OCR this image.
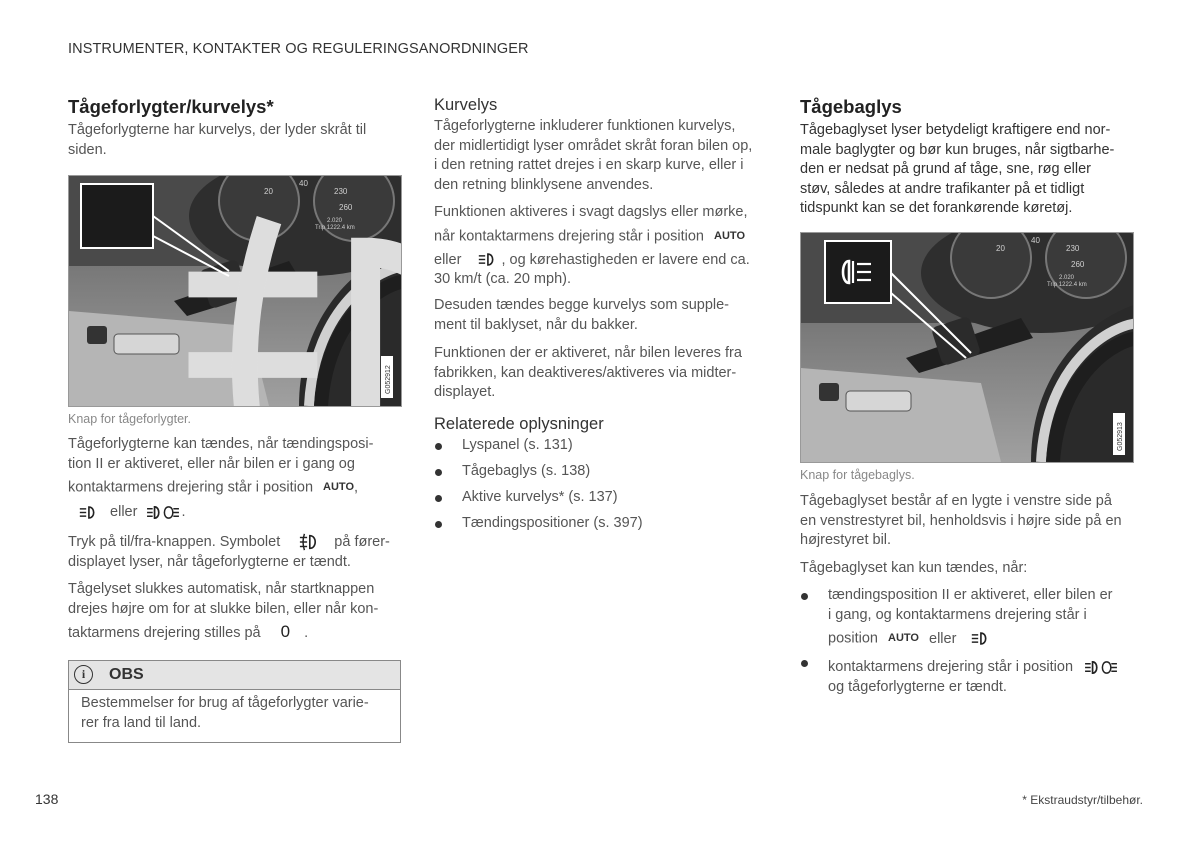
INSTRUMENTER, KONTAKTER OG REGULERINGSANORDNINGER
Tågeforlygter/kurvelys*
Tågeforlygterne har kurvelys, der lyder skråt til
siden.
20
40
230
260
2.020
Trip 1222.4 km
G052912
Knap for tågeforlygter.
Tågeforlygterne kan tændes, når tændingsposi-
tion II er aktiveret, eller når bilen er i gang og
kontaktarmens drejering står i position AUTO,
eller	.
Tryk på til/fra-knappen. Symbolet	på fører-
displayet lyser, når tågeforlygterne er tændt.
Tågelyset slukkes automatisk, når startknappen
drejes højre om for at slukke bilen, eller når kon-
taktarmens drejering stilles på 0 .
i	OBS
Bestemmelser for brug af tågeforlygter varie-
rer fra land til land.
Kurvelys
Tågeforlygterne inkluderer funktionen kurvelys,
der midlertidigt lyser området skråt foran bilen op,
i den retning rattet drejes i en skarp kurve, eller i
den retning blinklysene anvendes.
Funktionen aktiveres i svagt dagslys eller mørke,
når kontaktarmens drejering står i position AUTO
eller	, og kørehastigheden er lavere end ca.
30 km/t (ca. 20 mph).
Desuden tændes begge kurvelys som supple-
ment til baklyset, når du bakker.
Funktionen der er aktiveret, når bilen leveres fra
fabrikken, kan deaktiveres/aktiveres via midter-
displayet.
Relaterede oplysninger
Lyspanel (s. 131)
Tågebaglys (s. 138)
Aktive kurvelys* (s. 137)
Tændingspositioner (s. 397)
Tågebaglys
Tågebaglyset lyser betydeligt kraftigere end nor-
male baglygter og bør kun bruges, når sigtbarhe-
den er nedsat på grund af tåge, sne, røg eller
støv, således at andre trafikanter på et tidligt
tidspunkt kan se det forankørende køretøj.
20
40
230
260
2.020
Trip 1222.4 km
G052913
Knap for tågebaglys.
Tågebaglyset består af en lygte i venstre side på
en venstrestyret bil, henholdsvis i højre side på en
højrestyret bil.
Tågebaglyset kan kun tændes, når:
tændingsposition II er aktiveret, eller bilen er
i gang, og kontaktarmens drejering står i
position AUTO eller
kontaktarmens drejering står i position
og tågeforlygterne er tændt.
138	* Ekstraudstyr/tilbehør.
